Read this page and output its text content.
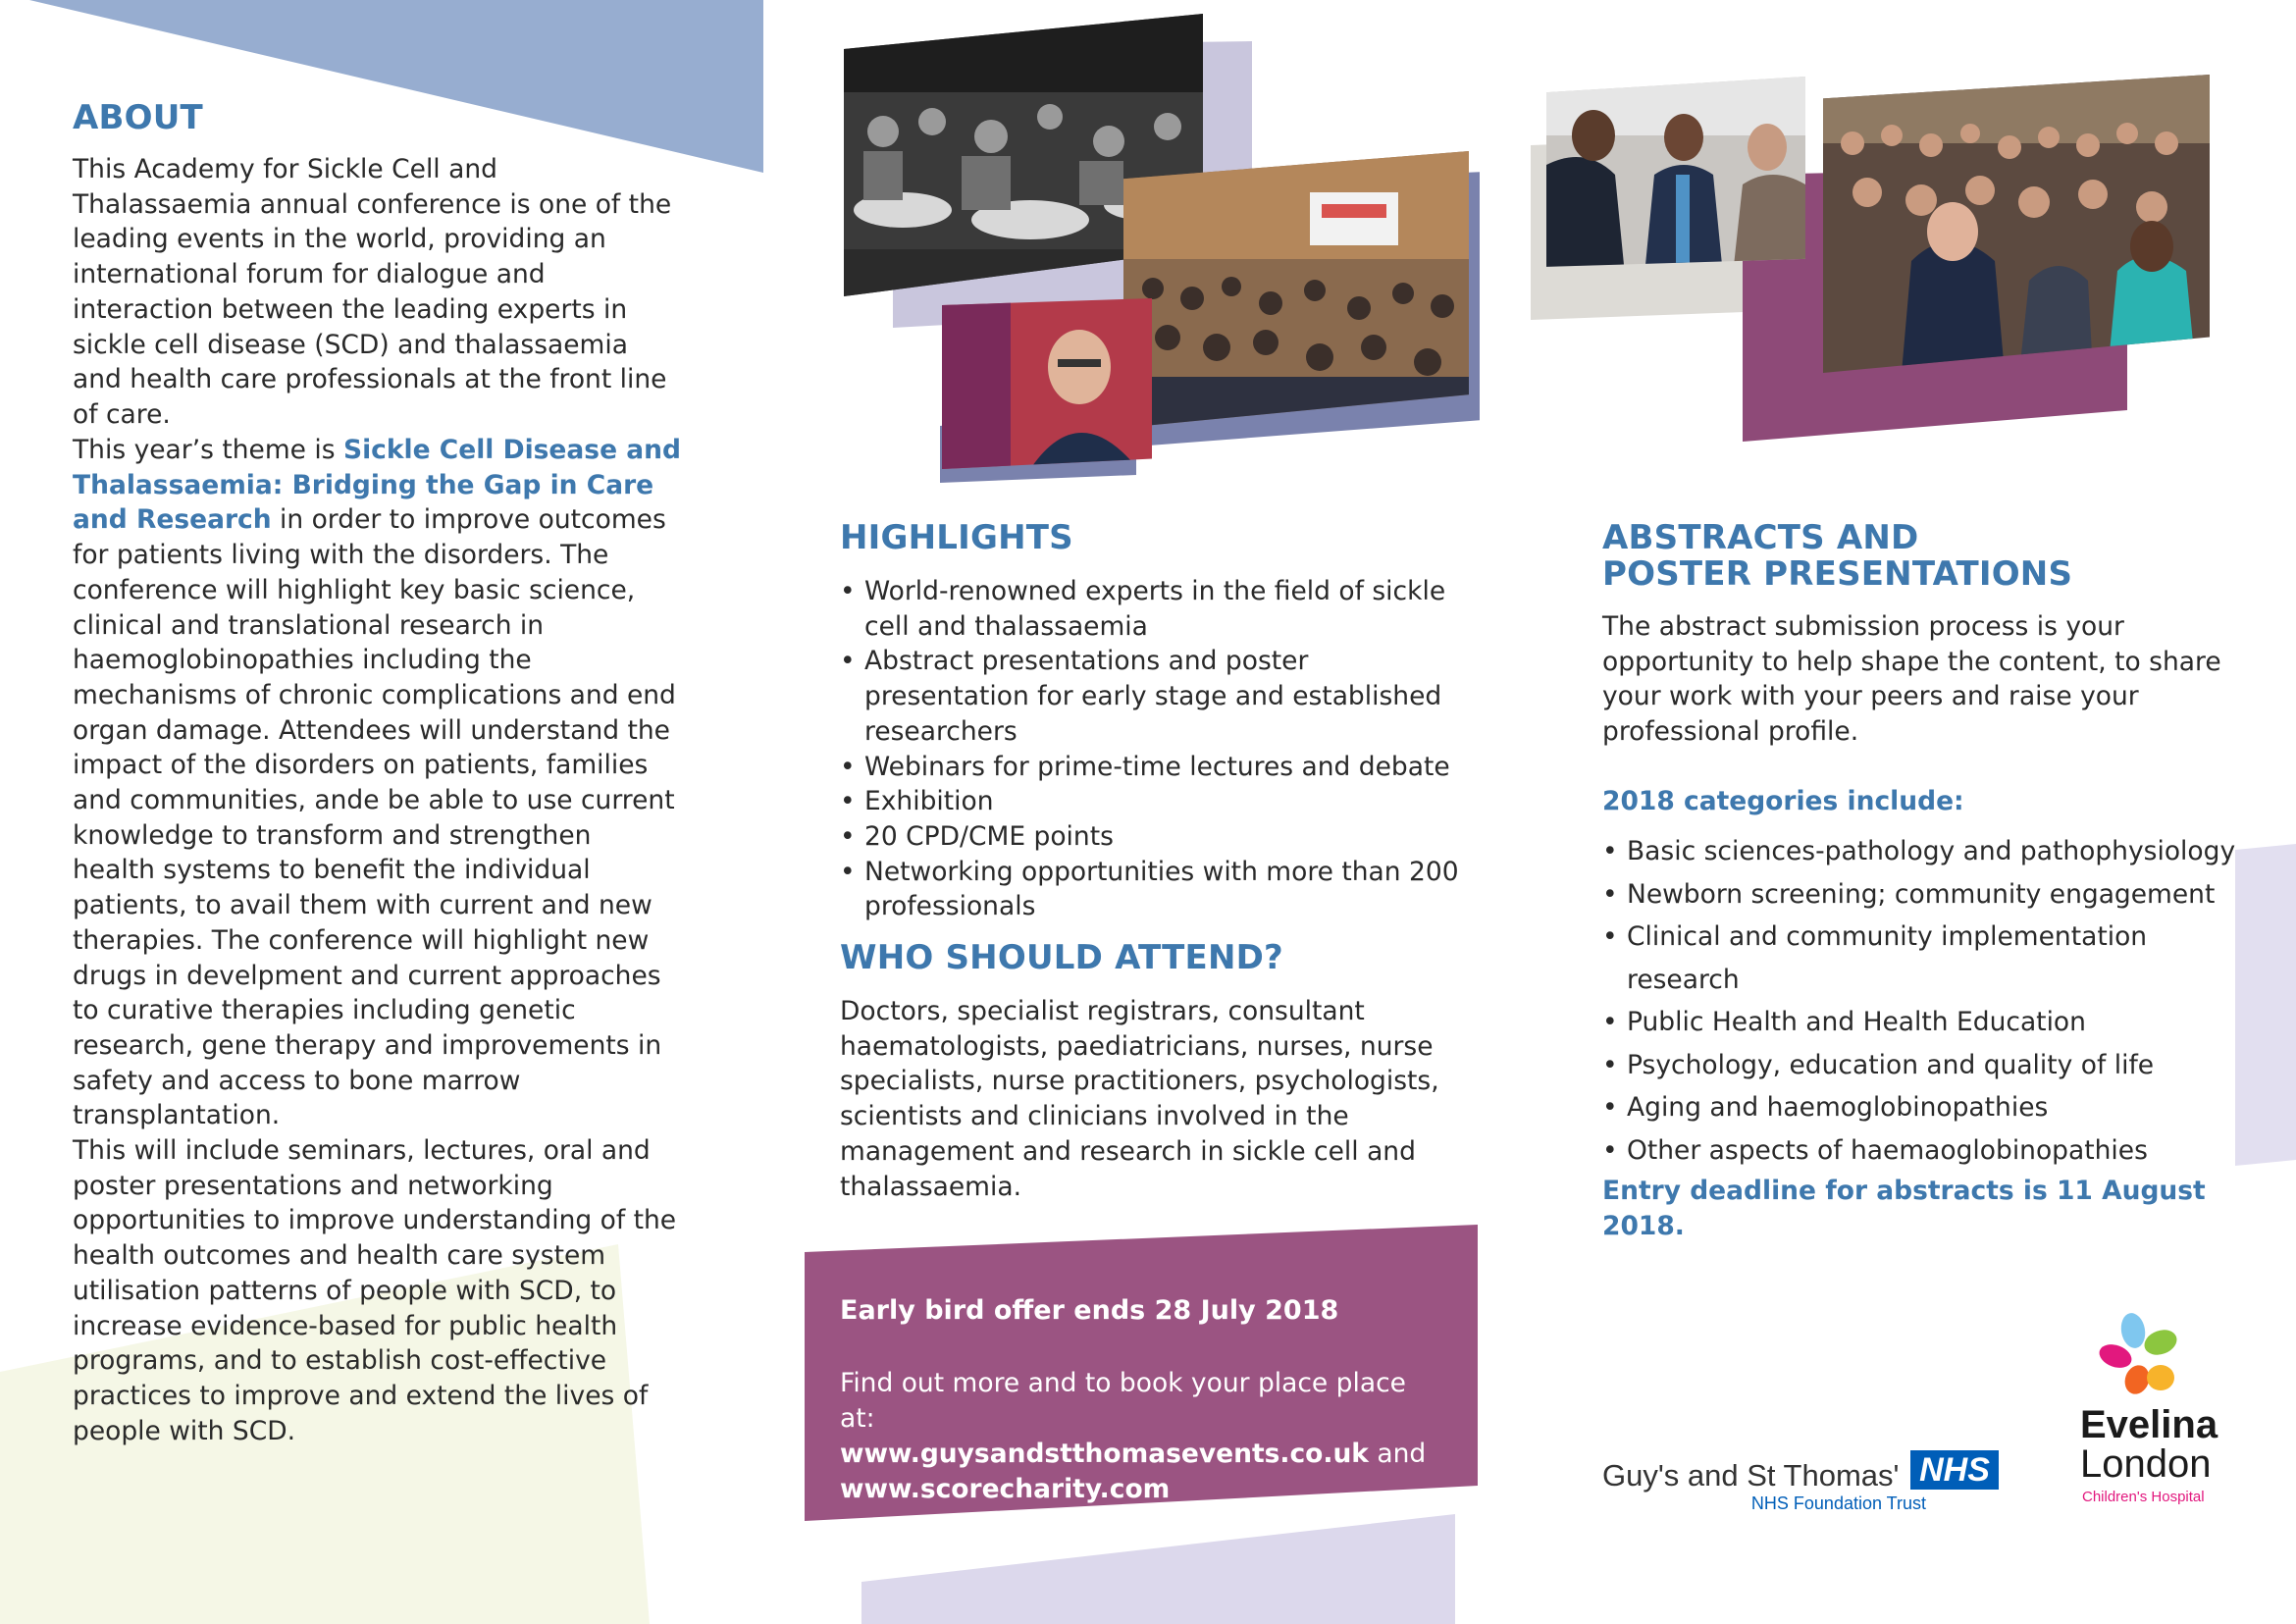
ABOUT

This Academy for Sickle Cell and Thalassaemia annual conference is one of the leading events in the world, providing an international forum for dialogue and interaction between the leading experts in sickle cell disease (SCD) and thalassaemia and health care professionals at the front line of care.

This year’s theme is Sickle Cell Disease and Thalassaemia: Bridging the Gap in Care and Research in order to improve outcomes for patients living with the disorders. The conference will highlight key basic science, clinical and translational research in haemoglobinopathies including the mechanisms of chronic complications and end organ damage. Attendees will understand the impact of the disorders on patients, families and communities, ande be able to use current knowledge to transform and strengthen health systems to benefit the individual patients, to avail them with current and new therapies. The conference will highlight new drugs in develpment and current approaches to curative therapies including genetic research, gene therapy and improvements in safety and access to bone marrow transplantation.

This will include seminars, lectures, oral and poster presentations and networking opportunities to improve understanding of the health outcomes and health care system utilisation patterns of people with SCD, to increase evidence-based for public health programs, and to establish cost-effective practices to improve and extend the lives of people with SCD.

HIGHLIGHTS
• World-renowned experts in the field of sickle cell and thalassaemia
• Abstract presentations and poster presentation for early stage and established researchers
• Webinars for prime-time lectures and debate
• Exhibition
• 20 CPD/CME points
• Networking opportunities with more than 200 professionals
WHO SHOULD ATTEND?

Doctors, specialist registrars, consultant haematologists, paediatricians, nurses, nurse specialists, nurse practitioners, psychologists, scientists and clinicians involved in the management and research in sickle cell and thalassaemia.

Early bird offer ends 28 July 2018
Find out more and to book your place place at:
www.guysandstthomasevents.co.uk and
www.scorecharity.com
ABSTRACTS AND POSTER PRESENTATIONS

The abstract submission process is your opportunity to help shape the content, to share your work with your peers and raise your professional profile.

2018 categories include:
• Basic sciences-pathology and pathophysiology
• Newborn screening; community engagement
• Clinical and community implementation research
• Public Health and Health Education
• Psychology, education and quality of life
• Aging and haemoglobinopathies
• Other aspects of haemaoglobinopathies
Entry deadline for abstracts is 11 August 2018.
Guy's and St Thomas' NHS
NHS Foundation Trust
Evelina
London
Children's Hospital
